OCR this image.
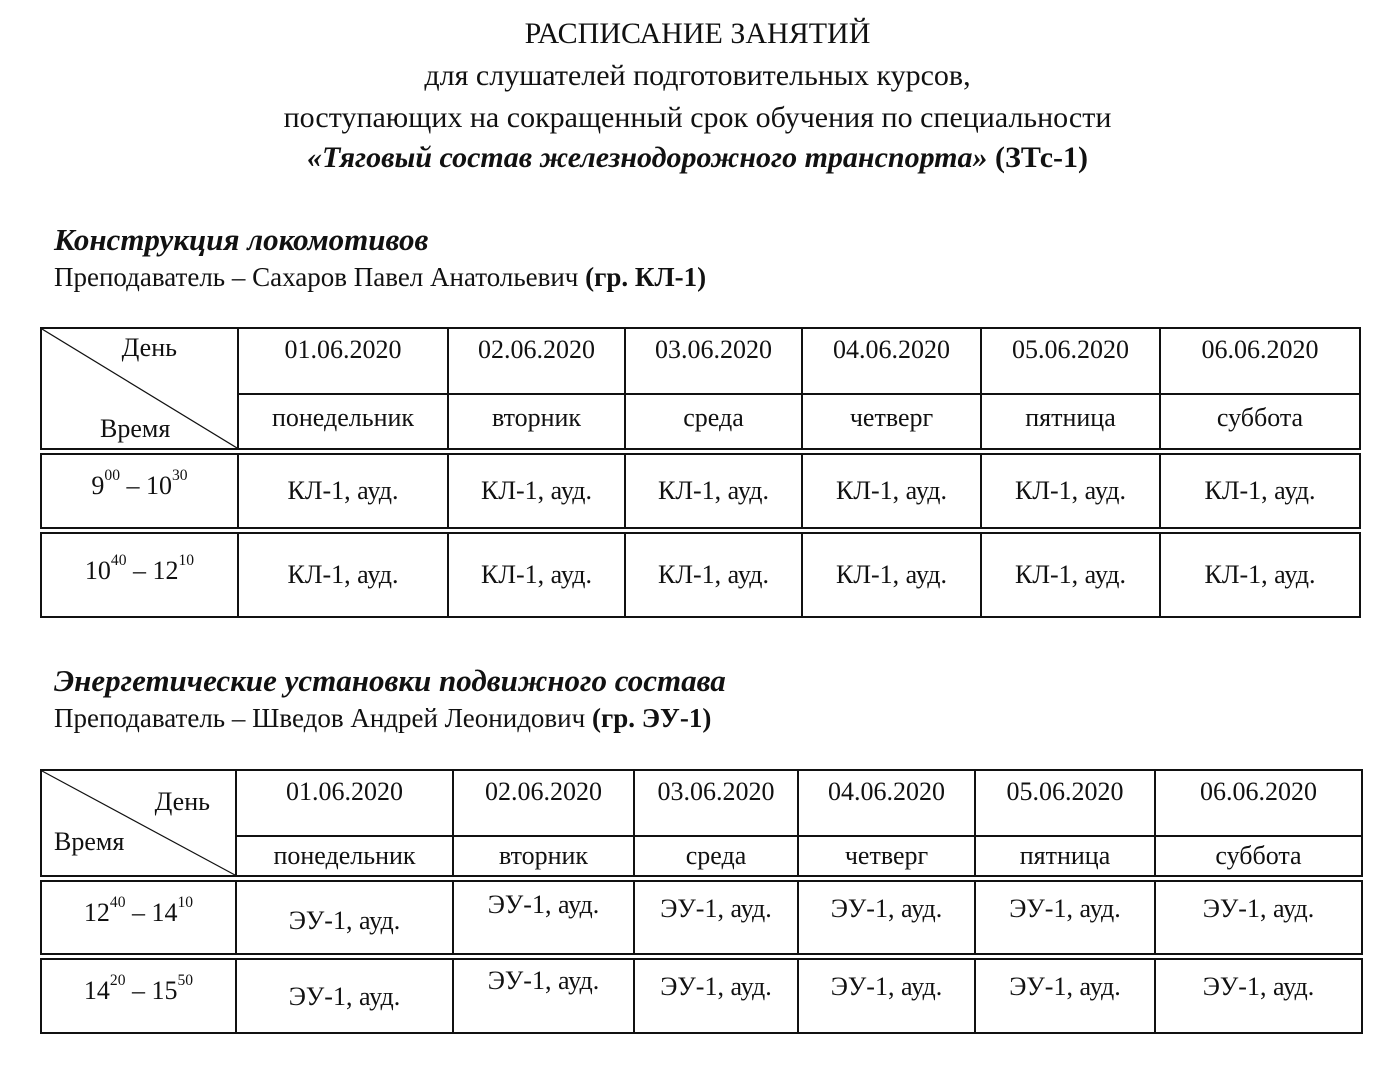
РАСПИСАНИЕ ЗАНЯТИЙ
для слушателей подготовительных курсов,
поступающих на сокращенный срок обучения по специальности
«Тяговый состав железнодорожного транспорта» (ЗТс-1)
Конструкция локомотивов
Преподаватель – Сахаров Павел Анатольевич (гр. КЛ-1)
День
Время	01.06.2020	02.06.2020	03.06.2020	04.06.2020	05.06.2020	06.06.2020
	понедельник	вторник	среда	четверг	пятница	суббота

$9^{00} - 10^{30}$	КЛ-1, ауд.	КЛ-1, ауд.	КЛ-1, ауд.	КЛ-1, ауд.	КЛ-1, ауд.	КЛ-1, ауд.

$10^{40} - 12^{10}$	КЛ-1, ауд.	КЛ-1, ауд.	КЛ-1, ауд.	КЛ-1, ауд.	КЛ-1, ауд.	КЛ-1, ауд.
Энергетические установки подвижного состава
Преподаватель – Шведов Андрей Леонидович (гр. ЭУ-1)
День
Время	01.06.2020	02.06.2020	03.06.2020	04.06.2020	05.06.2020	06.06.2020
	понедельник	вторник	среда	четверг	пятница	суббота

$12^{40} - 14^{10}$	ЭУ-1, ауд.	ЭУ-1, ауд.	ЭУ-1, ауд.	ЭУ-1, ауд.	ЭУ-1, ауд.	ЭУ-1, ауд.

$14^{20} - 15^{50}$	ЭУ-1, ауд.	ЭУ-1, ауд.	ЭУ-1, ауд.	ЭУ-1, ауд.	ЭУ-1, ауд.	ЭУ-1, ауд.
